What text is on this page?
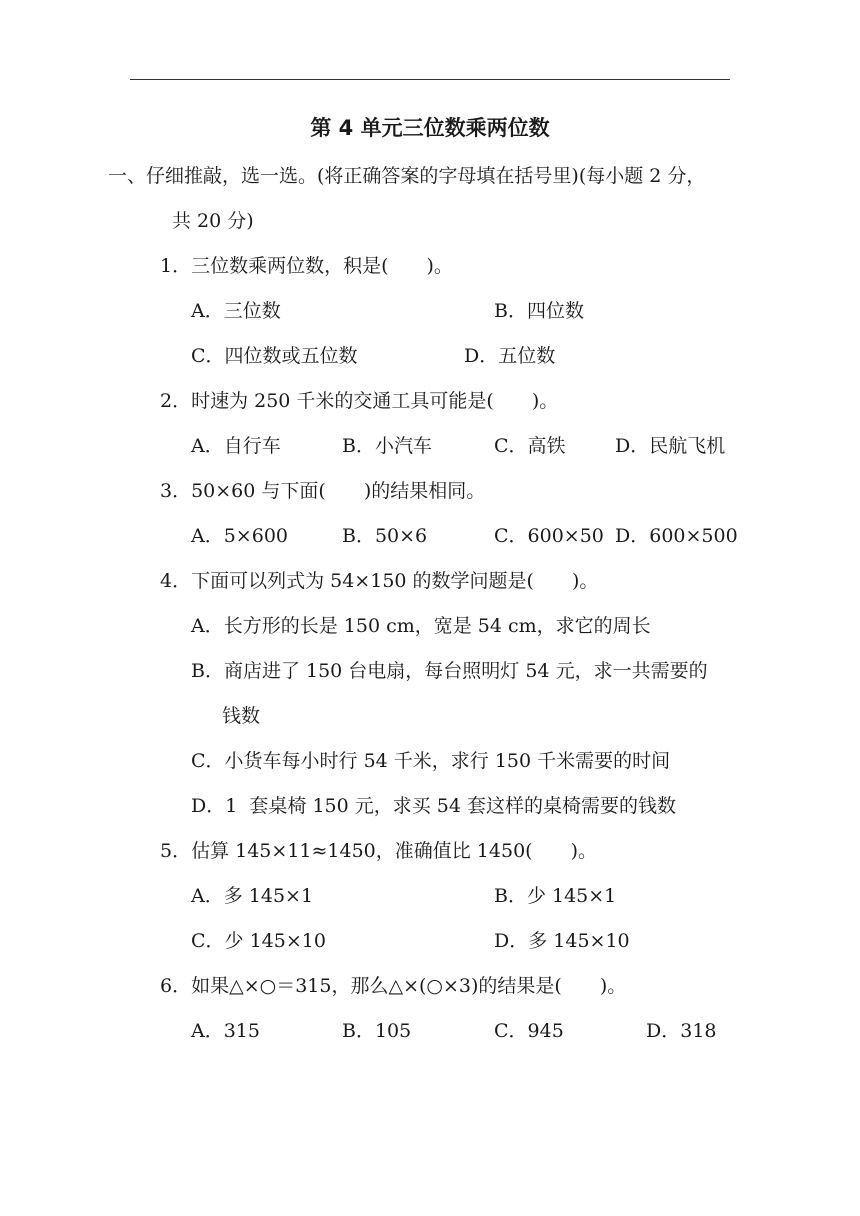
第 4 单元三位数乘两位数
一、仔细推敲，选一选。(将正确答案的字母填在括号里)(每小题 2 分，
共 20 分)
1．三位数乘两位数，积是(　　)。
A．三位数	B．四位数
C．四位数或五位数	D．五位数
2．时速为 250 千米的交通工具可能是(　　)。
A．自行车	B．小汽车	C．高铁	D．民航飞机
3．50×60 与下面(　　)的结果相同。
A．5×600	B．50×6	C．600×50 D．600×500
4．下面可以列式为 54×150 的数学问题是(　　)。
A．长方形的长是 150 cm，宽是 54 cm，求它的周长
B．商店进了 150 台电扇，每台照明灯 54 元，求一共需要的
钱数
C．小货车每小时行 54 千米，求行 150 千米需要的时间
D．1  套桌椅 150 元，求买 54 套这样的桌椅需要的钱数
5．估算 145×11≈1450，准确值比 1450(　　)。
A．多 145×1	B．少 145×1
C．少 145×10	D．多 145×10
6．如果△×○＝315，那么△×(○×3)的结果是(　　)。
A．315	B．105	C．945	D．318
